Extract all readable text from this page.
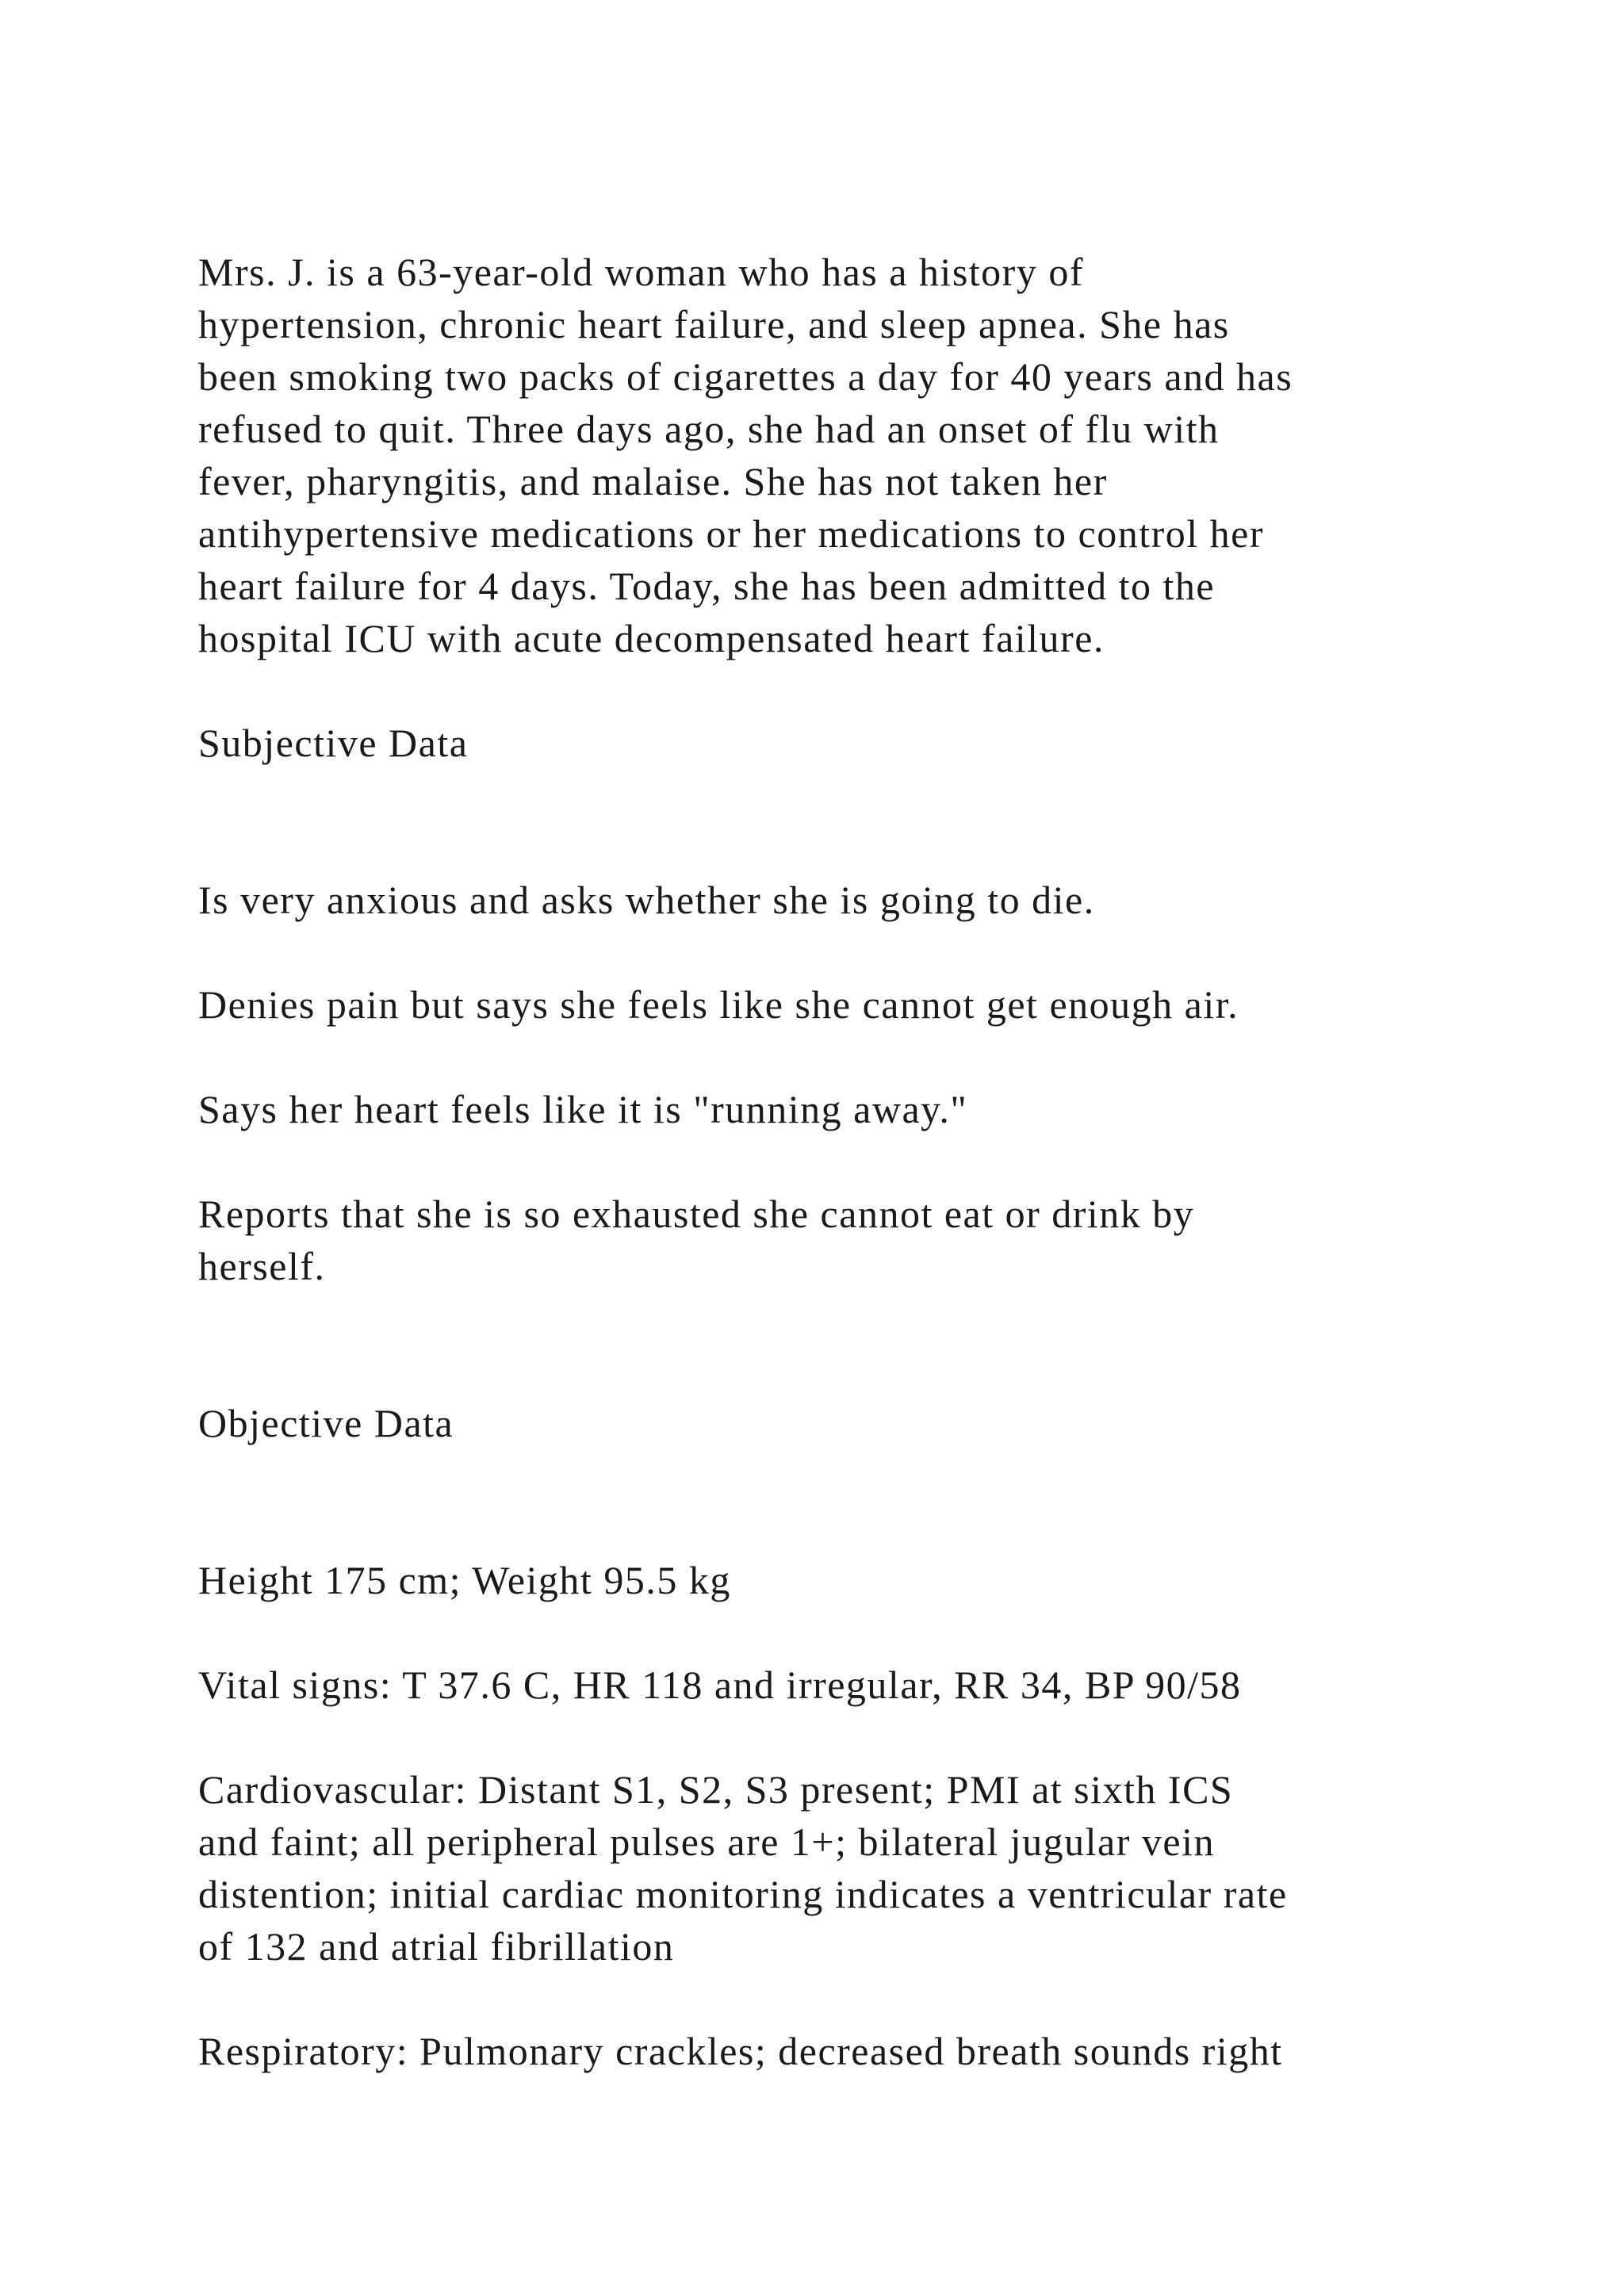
Mrs. J. is a 63-year-old woman who has a history of
hypertension, chronic heart failure, and sleep apnea. She has
been smoking two packs of cigarettes a day for 40 years and has
refused to quit. Three days ago, she had an onset of flu with
fever, pharyngitis, and malaise. She has not taken her
antihypertensive medications or her medications to control her
heart failure for 4 days. Today, she has been admitted to the
hospital ICU with acute decompensated heart failure.

Subjective Data

Is very anxious and asks whether she is going to die.

Denies pain but says she feels like she cannot get enough air.

Says her heart feels like it is "running away."

Reports that she is so exhausted she cannot eat or drink by
herself.

Objective Data

Height 175 cm; Weight 95.5 kg

Vital signs: T 37.6 C, HR 118 and irregular, RR 34, BP 90/58

Cardiovascular: Distant S1, S2, S3 present; PMI at sixth ICS
and faint; all peripheral pulses are 1+; bilateral jugular vein
distention; initial cardiac monitoring indicates a ventricular rate
of 132 and atrial fibrillation

Respiratory: Pulmonary crackles; decreased breath sounds right
